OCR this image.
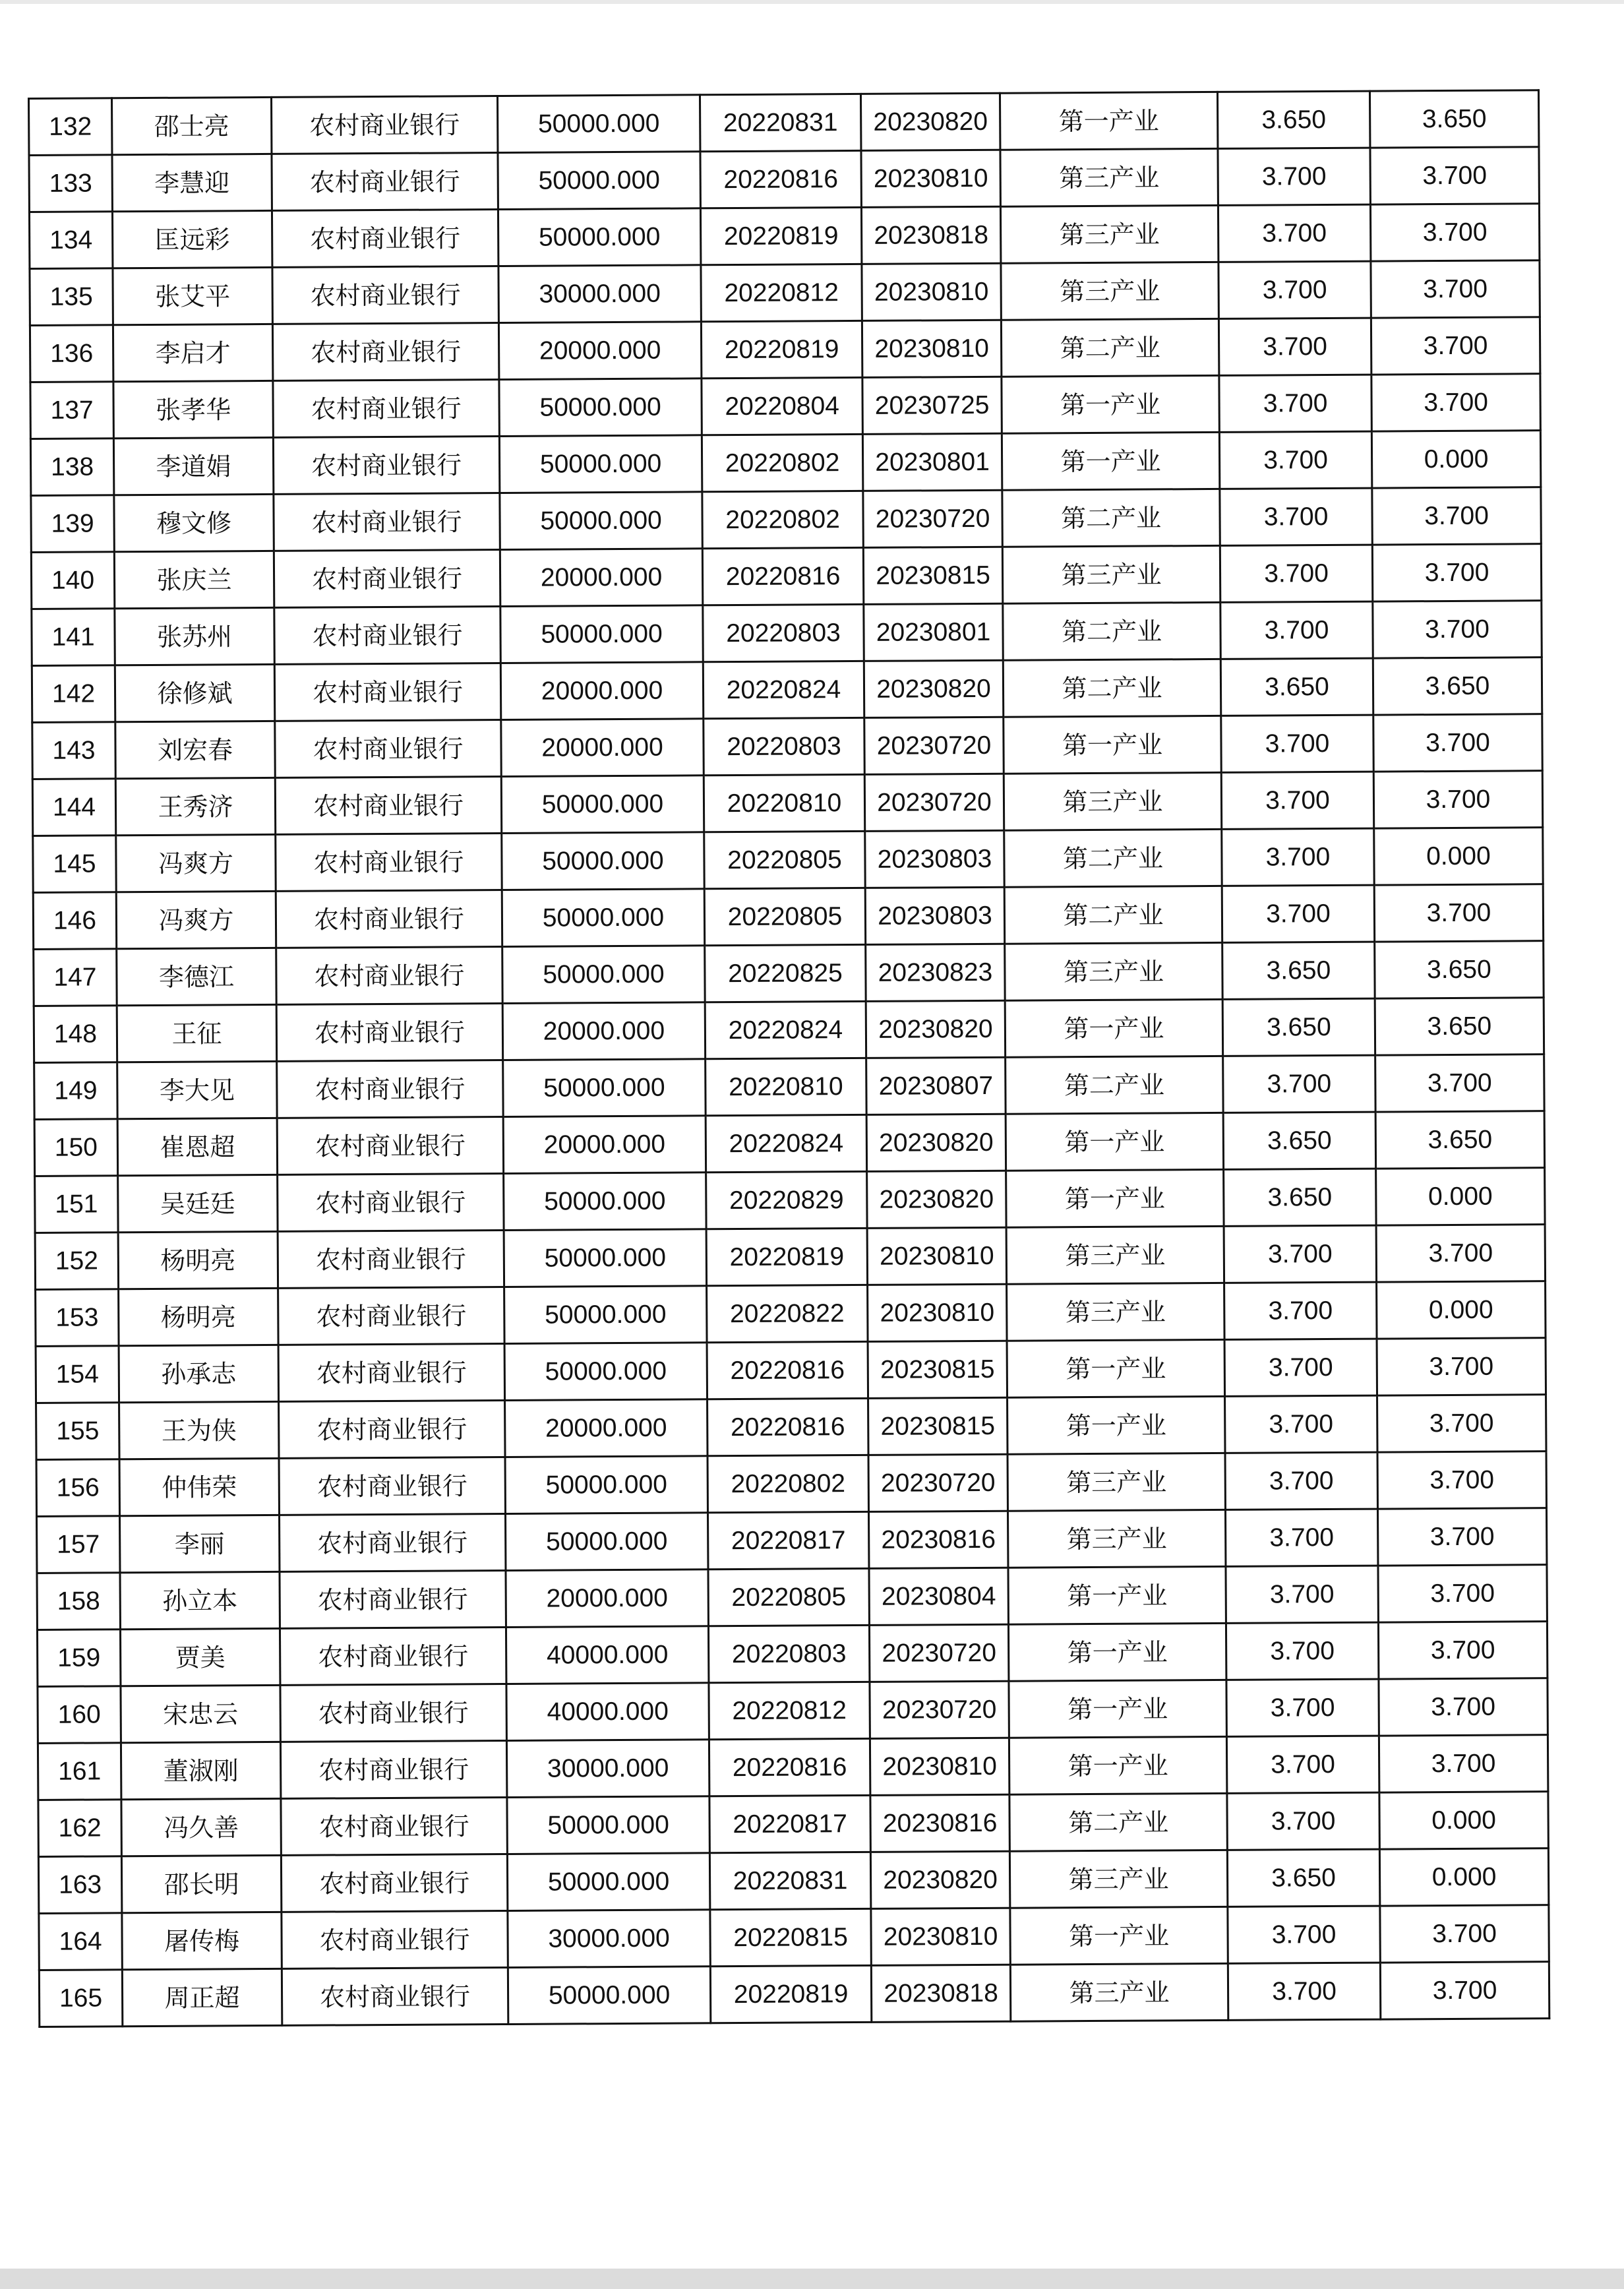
132	邵士亮	农村商业银行	50000.000	20220831	20230820	第一产业	3.650	3.650
133	李慧迎	农村商业银行	50000.000	20220816	20230810	第三产业	3.700	3.700
134	匡远彩	农村商业银行	50000.000	20220819	20230818	第三产业	3.700	3.700
135	张艾平	农村商业银行	30000.000	20220812	20230810	第三产业	3.700	3.700
136	李启才	农村商业银行	20000.000	20220819	20230810	第二产业	3.700	3.700
137	张孝华	农村商业银行	50000.000	20220804	20230725	第一产业	3.700	3.700
138	李道娟	农村商业银行	50000.000	20220802	20230801	第一产业	3.700	0.000
139	穆文修	农村商业银行	50000.000	20220802	20230720	第二产业	3.700	3.700
140	张庆兰	农村商业银行	20000.000	20220816	20230815	第三产业	3.700	3.700
141	张苏州	农村商业银行	50000.000	20220803	20230801	第二产业	3.700	3.700
142	徐修斌	农村商业银行	20000.000	20220824	20230820	第二产业	3.650	3.650
143	刘宏春	农村商业银行	20000.000	20220803	20230720	第一产业	3.700	3.700
144	王秀济	农村商业银行	50000.000	20220810	20230720	第三产业	3.700	3.700
145	冯爽方	农村商业银行	50000.000	20220805	20230803	第二产业	3.700	0.000
146	冯爽方	农村商业银行	50000.000	20220805	20230803	第二产业	3.700	3.700
147	李德江	农村商业银行	50000.000	20220825	20230823	第三产业	3.650	3.650
148	王征	农村商业银行	20000.000	20220824	20230820	第一产业	3.650	3.650
149	李大见	农村商业银行	50000.000	20220810	20230807	第二产业	3.700	3.700
150	崔恩超	农村商业银行	20000.000	20220824	20230820	第一产业	3.650	3.650
151	吴廷廷	农村商业银行	50000.000	20220829	20230820	第一产业	3.650	0.000
152	杨明亮	农村商业银行	50000.000	20220819	20230810	第三产业	3.700	3.700
153	杨明亮	农村商业银行	50000.000	20220822	20230810	第三产业	3.700	0.000
154	孙承志	农村商业银行	50000.000	20220816	20230815	第一产业	3.700	3.700
155	王为侠	农村商业银行	20000.000	20220816	20230815	第一产业	3.700	3.700
156	仲伟荣	农村商业银行	50000.000	20220802	20230720	第三产业	3.700	3.700
157	李丽	农村商业银行	50000.000	20220817	20230816	第三产业	3.700	3.700
158	孙立本	农村商业银行	20000.000	20220805	20230804	第一产业	3.700	3.700
159	贾美	农村商业银行	40000.000	20220803	20230720	第一产业	3.700	3.700
160	宋忠云	农村商业银行	40000.000	20220812	20230720	第一产业	3.700	3.700
161	董淑刚	农村商业银行	30000.000	20220816	20230810	第一产业	3.700	3.700
162	冯久善	农村商业银行	50000.000	20220817	20230816	第二产业	3.700	0.000
163	邵长明	农村商业银行	50000.000	20220831	20230820	第三产业	3.650	0.000
164	屠传梅	农村商业银行	30000.000	20220815	20230810	第一产业	3.700	3.700
165	周正超	农村商业银行	50000.000	20220819	20230818	第三产业	3.700	3.700
